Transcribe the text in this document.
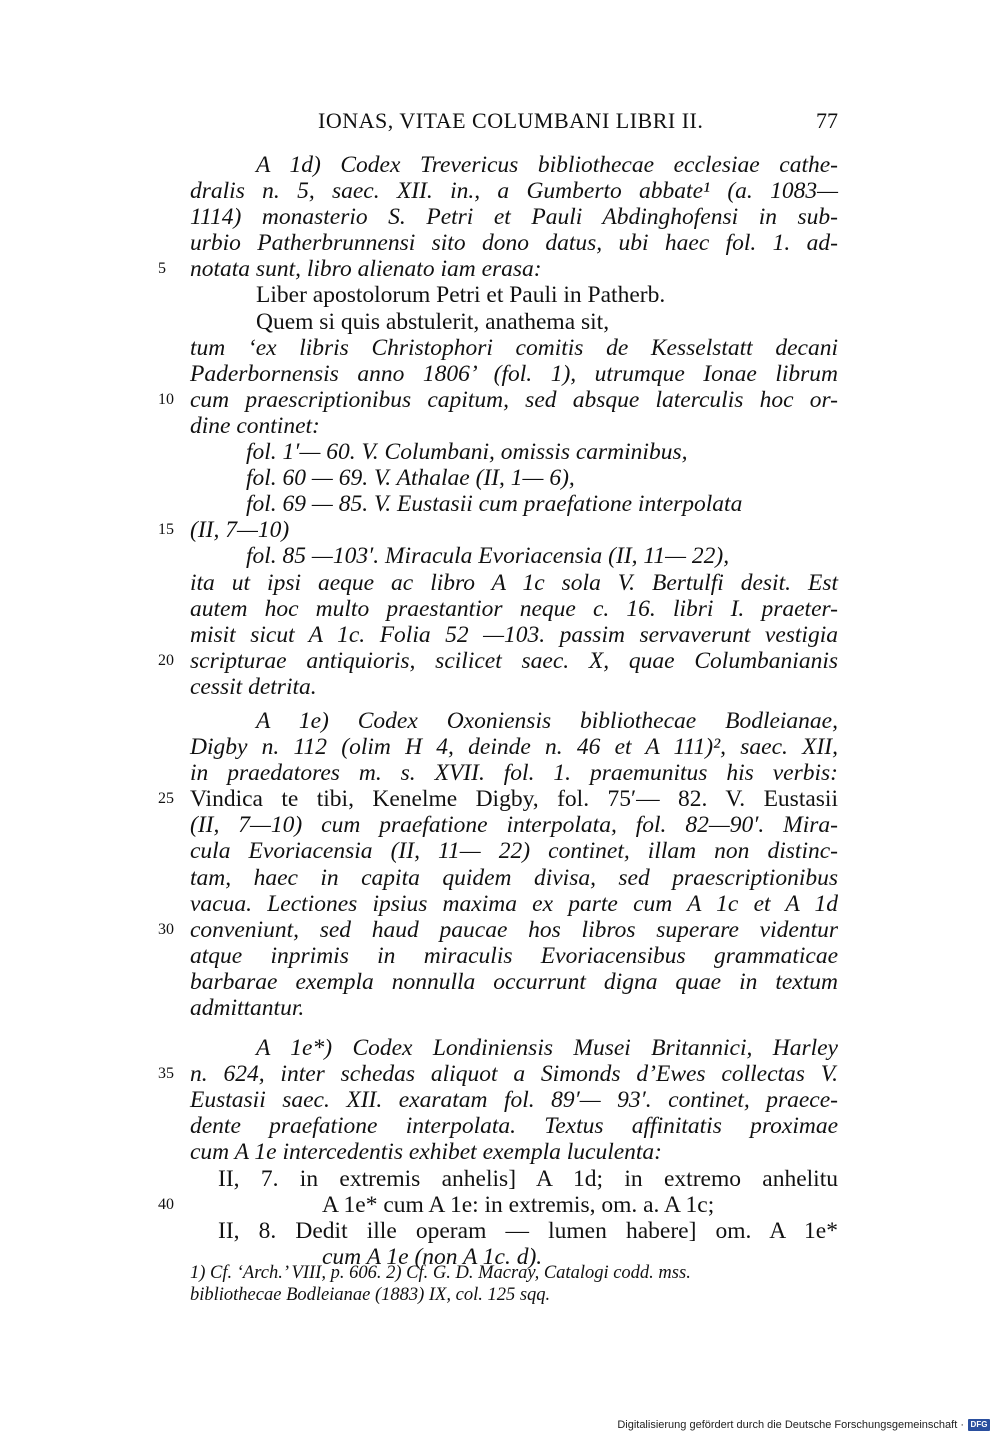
IONAS, VITAE COLUMBANI LIBRI II.	77
A 1d) Codex Trevericus bibliothecae ecclesiae cathe-
dralis n. 5, saec. XII. in., a Gumberto abbate¹ (a. 1083—
1114) monasterio S. Petri et Pauli Abdinghofensi in sub-
urbio Patherbrunnensi sito dono datus, ubi haec fol. 1. ad-
5	notata sunt, libro alienato iam erasa:
Liber apostolorum Petri et Pauli in Patherb.
Quem si quis abstulerit, anathema sit,
tum ‘ex libris Christophori comitis de Kesselstatt decani
Paderbornensis anno 1806’ (fol. 1), utrumque Ionae librum
10 cum praescriptionibus capitum, sed absque laterculis hoc or-
dine continet:
fol. 1′— 60. V. Columbani, omissis carminibus,
fol. 60 — 69. V. Athalae (II, 1— 6),
fol. 69 — 85. V. Eustasii cum praefatione interpolata
15 (II, 7—10)
fol. 85 —103′. Miracula Evoriacensia (II, 11— 22),
ita ut ipsi aeque ac libro A 1c sola V. Bertulfi desit. Est
autem hoc multo praestantior neque c. 16. libri I. praeter-
misit sicut A 1c. Folia 52 —103. passim servaverunt vestigia
20 scripturae antiquioris, scilicet saec. X, quae Columbanianis
cessit detrita.
A 1e) Codex Oxoniensis bibliothecae Bodleianae,
Digby n. 112 (olim H 4, deinde n. 46 et A 111)², saec. XII,
in praedatores m. s. XVII. fol. 1. praemunitus his verbis:
25 Vindica te tibi, Kenelme Digby, fol. 75′— 82. V. Eustasii
(II, 7—10) cum praefatione interpolata, fol. 82—90′. Mira-
cula Evoriacensia (II, 11— 22) continet, illam non distinc-
tam, haec in capita quidem divisa, sed praescriptionibus
vacua. Lectiones ipsius maxima ex parte cum A 1c et A 1d
30 conveniunt, sed haud paucae hos libros superare videntur
atque inprimis in miraculis Evoriacensibus grammaticae
barbarae exempla nonnulla occurrunt digna quae in textum
admittantur.
A 1e*) Codex Londiniensis Musei Britannici, Harley
35 n. 624, inter schedas aliquot a Simonds d’Ewes collectas V.
Eustasii saec. XII. exaratam fol. 89′— 93′. continet, praece-
dente praefatione interpolata. Textus affinitatis proximae
cum A 1e intercedentis exhibet exempla luculenta:
II, 7. in extremis anhelis] A 1d; in extremo anhelitu
40	A 1e* cum A 1e: in extremis, om. a. A 1c;
II, 8. Dedit ille operam — lumen habere] om. A 1e*
cum A 1e (non A 1c. d).
1) Cf. ‘Arch.’ VIII, p. 606. 2) Cf. G. D. Macray, Catalogi codd. mss.
bibliothecae Bodleianae (1883) IX, col. 125 sqq.
Digitalisierung gefördert durch die Deutsche Forschungsgemeinschaft · DFG
